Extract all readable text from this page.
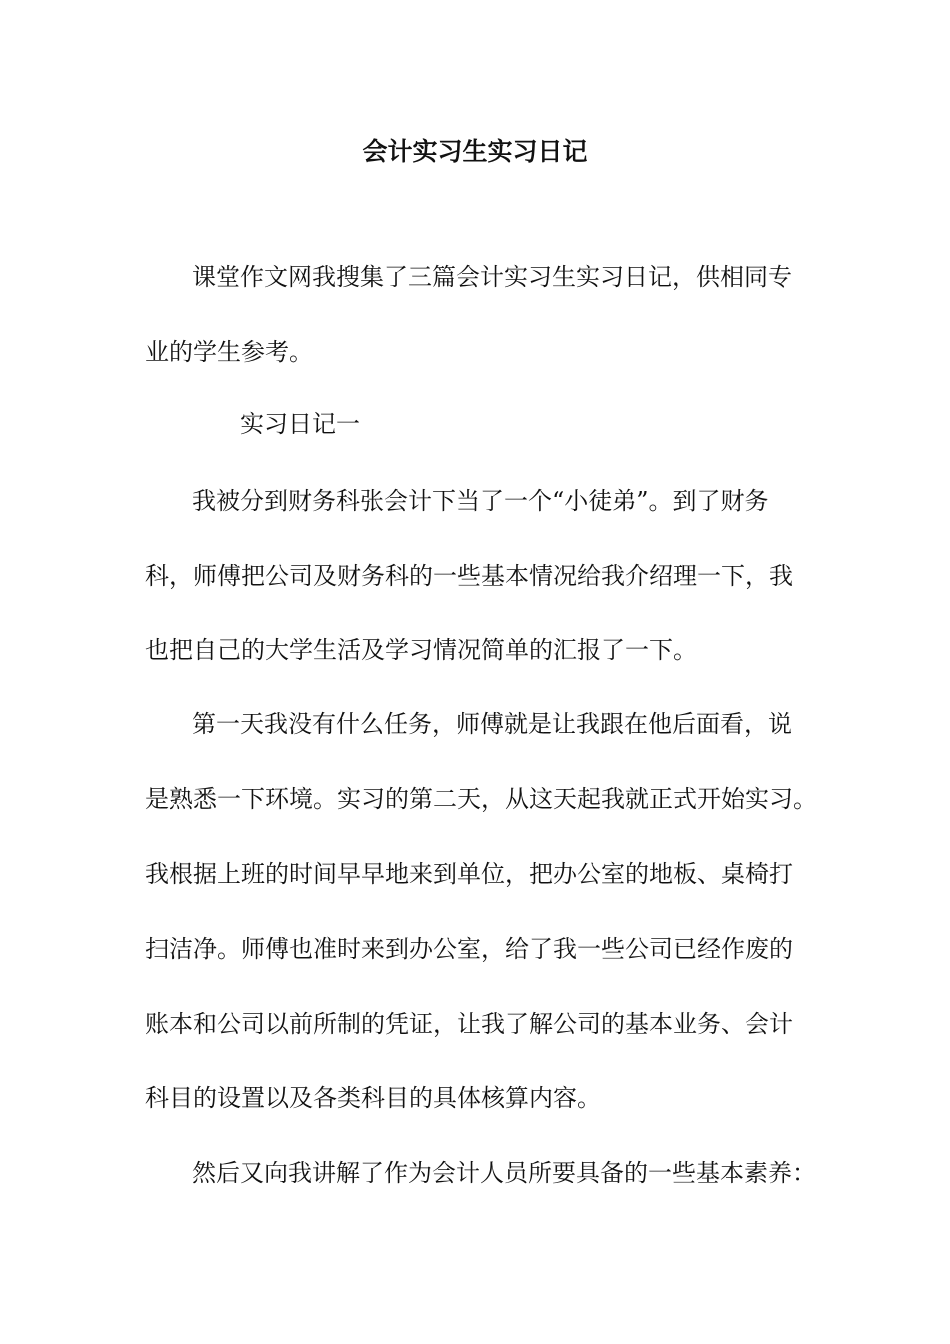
会计实习生实习日记
课堂作文网我搜集了三篇会计实习生实习日记，供相同专
业的学生参考。
实习日记一
我被分到财务科张会计下当了一个“小徒弟”。到了财务
科，师傅把公司及财务科的一些基本情况给我介绍理一下，我
也把自己的大学生活及学习情况简单的汇报了一下。
第一天我没有什么任务，师傅就是让我跟在他后面看，说
是熟悉一下环境。实习的第二天，从这天起我就正式开始实习。
我根据上班的时间早早地来到单位，把办公室的地板、桌椅打
扫洁净。师傅也准时来到办公室，给了我一些公司已经作废的
账本和公司以前所制的凭证，让我了解公司的基本业务、会计
科目的设置以及各类科目的具体核算内容。
然后又向我讲解了作为会计人员所要具备的一些基本素养：
